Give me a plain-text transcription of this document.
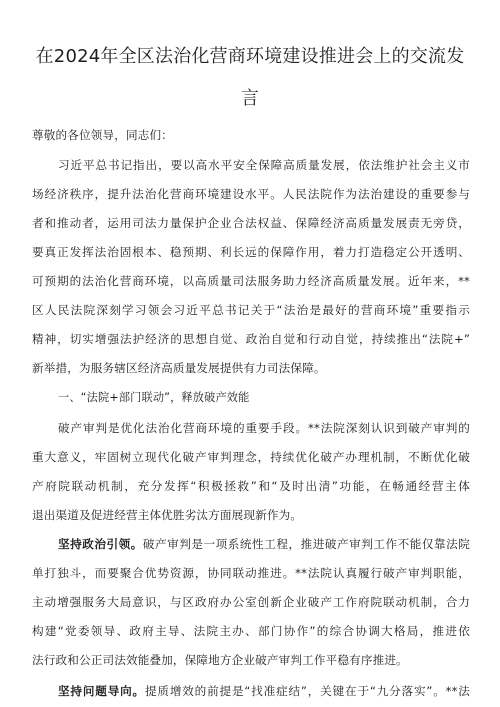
在2024年全区法治化营商环境建设推进会上的交流发
言
尊敬的各位领导，同志们：
习近平总书记指出，要以高水平安全保障高质量发展，依法维护社会主义市
场经济秩序，提升法治化营商环境建设水平。人民法院作为法治建设的重要参与
者和推动者，运用司法力量保护企业合法权益、保障经济高质量发展责无旁贷，
要真正发挥法治固根本、稳预期、利长远的保障作用，着力打造稳定公开透明、
可预期的法治化营商环境，以高质量司法服务助力经济高质量发展。近年来，**
区人民法院深刻学习领会习近平总书记关于“法治是最好的营商环境”重要指示
精神，切实增强法护经济的思想自觉、政治自觉和行动自觉，持续推出“法院+”
新举措，为服务辖区经济高质量发展提供有力司法保障。
一、“法院+部门联动”，释放破产效能
破产审判是优化法治化营商环境的重要手段。**法院深刻认识到破产审判的
重大意义，牢固树立现代化破产审判理念，持续优化破产办理机制，不断优化破
产府院联动机制，充分发挥“积极拯救”和“及时出清”功能，在畅通经营主体
退出渠道及促进经营主体优胜劣汰方面展现新作为。
坚持政治引领。破产审判是一项系统性工程，推进破产审判工作不能仅靠法院
单打独斗，而要聚合优势资源，协同联动推进。**法院认真履行破产审判职能，
主动增强服务大局意识，与区政府办公室创新企业破产工作府院联动机制，合力
构建“党委领导、政府主导、法院主办、部门协作”的综合协调大格局，推进依
法行政和公正司法效能叠加，保障地方企业破产审判工作平稳有序推进。
坚持问题导向。提质增效的前提是“找准症结”，关键在于“九分落实”。**法
